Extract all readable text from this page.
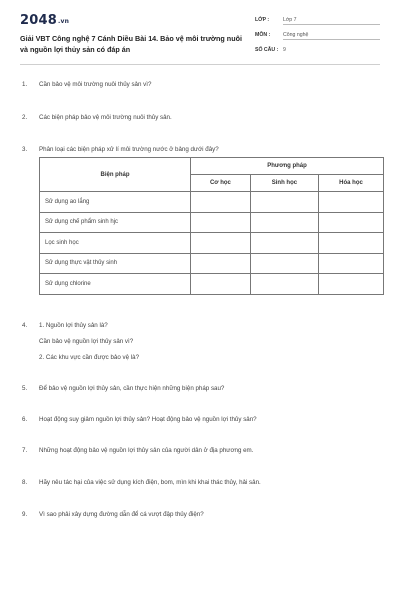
2048.vn
Giải VBT Công nghệ 7 Cánh Diều Bài 14. Bảo vệ môi trường nuôi và nguồn lợi thủy sản có đáp án
LỚP :	Lớp 7
MÔN : Công nghệ
SỐ CÂU : 9
1. Cần bảo vệ môi trường nuôi thủy sản vì?
2. Các biện pháp bảo vệ môi trường nuôi thủy sản.
3. Phân loại các biện pháp xử lí môi trường nước ở bảng dưới đây?
Biện pháp	Phương pháp		
	Cơ học	Sinh học	Hóa học
Sử dụng ao lắng			
Sử dụng chế phẩm sinh hjc			
Lọc sinh học			
Sử dụng thực vật thủy sinh			
Sử dụng chlorine			
4. 1. Nguồn lợi thủy sản là?
Cần bảo vệ nguồn lợi thủy sản vì?
2. Các khu vực cần được bảo vệ là?
5. Để bảo vệ nguồn lợi thủy sản, cần thực hiện những biện pháp sau?
6. Hoạt động suy giảm nguồn lợi thủy sản? Hoạt động bảo vệ nguồn lợi thủy sản?
7. Những hoạt động bảo vệ nguồn lợi thủy sản của người dân ở địa phương em.
8. Hãy nêu tác hại của việc sử dụng kích điện, bom, mìn khi khai thác thủy, hải sản.
9. Vì sao phải xây dựng đường dẫn để cá vượt đập thủy điện?
